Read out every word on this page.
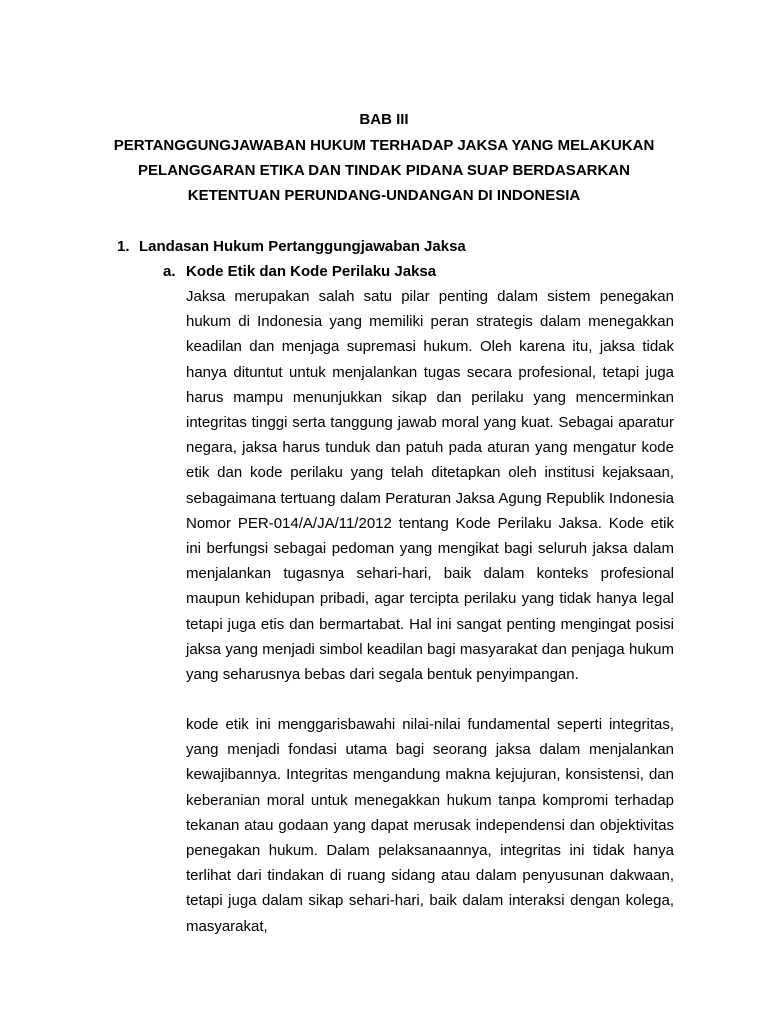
BAB III
PERTANGGUNGJAWABAN HUKUM TERHADAP JAKSA YANG MELAKUKAN
PELANGGARAN ETIKA DAN TINDAK PIDANA SUAP BERDASARKAN
KETENTUAN PERUNDANG-UNDANGAN DI INDONESIA
1. Landasan Hukum Pertanggungjawaban Jaksa
a. Kode Etik dan Kode Perilaku Jaksa

Jaksa merupakan salah satu pilar penting dalam sistem penegakan hukum di Indonesia yang memiliki peran strategis dalam menegakkan keadilan dan menjaga supremasi hukum. Oleh karena itu, jaksa tidak hanya dituntut untuk menjalankan tugas secara profesional, tetapi juga harus mampu menunjukkan sikap dan perilaku yang mencerminkan integritas tinggi serta tanggung jawab moral yang kuat. Sebagai aparatur negara, jaksa harus tunduk dan patuh pada aturan yang mengatur kode etik dan kode perilaku yang telah ditetapkan oleh institusi kejaksaan, sebagaimana tertuang dalam Peraturan Jaksa Agung Republik Indonesia Nomor PER-014/A/JA/11/2012 tentang Kode Perilaku Jaksa. Kode etik ini berfungsi sebagai pedoman yang mengikat bagi seluruh jaksa dalam menjalankan tugasnya sehari-hari, baik dalam konteks profesional maupun kehidupan pribadi, agar tercipta perilaku yang tidak hanya legal tetapi juga etis dan bermartabat. Hal ini sangat penting mengingat posisi jaksa yang menjadi simbol keadilan bagi masyarakat dan penjaga hukum yang seharusnya bebas dari segala bentuk penyimpangan.

kode etik ini menggarisbawahi nilai-nilai fundamental seperti integritas, yang menjadi fondasi utama bagi seorang jaksa dalam menjalankan kewajibannya. Integritas mengandung makna kejujuran, konsistensi, dan keberanian moral untuk menegakkan hukum tanpa kompromi terhadap tekanan atau godaan yang dapat merusak independensi dan objektivitas penegakan hukum. Dalam pelaksanaannya, integritas ini tidak hanya terlihat dari tindakan di ruang sidang atau dalam penyusunan dakwaan, tetapi juga dalam sikap sehari-hari, baik dalam interaksi dengan kolega, masyarakat,
